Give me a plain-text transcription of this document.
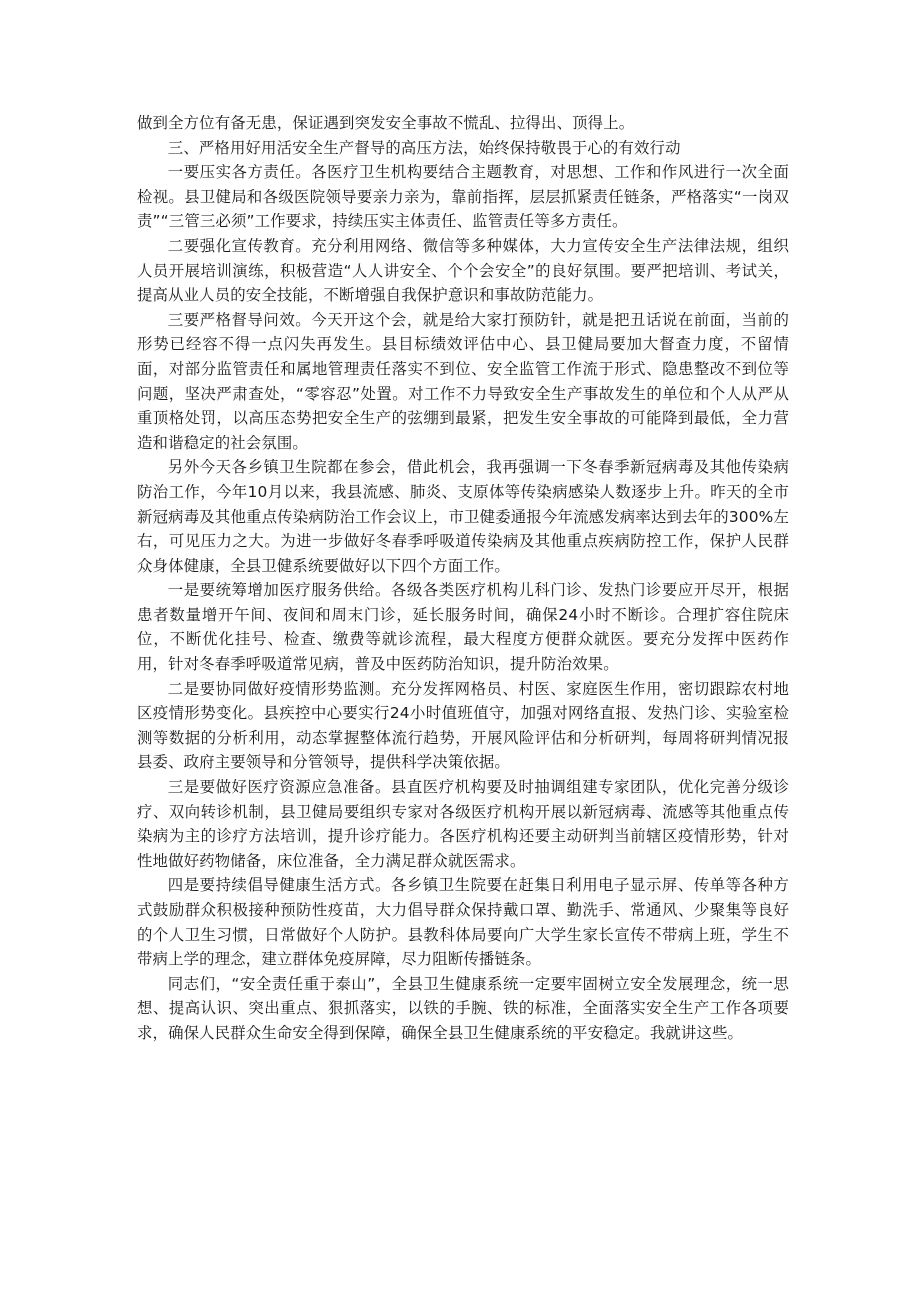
做到全方位有备无患，保证遇到突发安全事故不慌乱、拉得出、顶得上。

三、严格用好用活安全生产督导的高压方法，始终保持敬畏于心的有效行动

一要压实各方责任。各医疗卫生机构要结合主题教育，对思想、工作和作风进行一次全面检视。县卫健局和各级医院领导要亲力亲为，靠前指挥，层层抓紧责任链条，严格落实“一岗双责”“三管三必须”工作要求，持续压实主体责任、监管责任等多方责任。

二要强化宣传教育。充分利用网络、微信等多种媒体，大力宣传安全生产法律法规，组织人员开展培训演练，积极营造“人人讲安全、个个会安全”的良好氛围。要严把培训、考试关，提高从业人员的安全技能，不断增强自我保护意识和事故防范能力。

三要严格督导问效。今天开这个会，就是给大家打预防针，就是把丑话说在前面，当前的形势已经容不得一点闪失再发生。县目标绩效评估中心、县卫健局要加大督查力度，不留情面，对部分监管责任和属地管理责任落实不到位、安全监管工作流于形式、隐患整改不到位等问题，坚决严肃查处，“零容忍”处置。对工作不力导致安全生产事故发生的单位和个人从严从重顶格处罚，以高压态势把安全生产的弦绷到最紧，把发生安全事故的可能降到最低，全力营造和谐稳定的社会氛围。

另外今天各乡镇卫生院都在参会，借此机会，我再强调一下冬春季新冠病毒及其他传染病防治工作，今年10月以来，我县流感、肺炎、支原体等传染病感染人数逐步上升。昨天的全市新冠病毒及其他重点传染病防治工作会议上，市卫健委通报今年流感发病率达到去年的300%左右，可见压力之大。为进一步做好冬春季呼吸道传染病及其他重点疾病防控工作，保护人民群众身体健康，全县卫健系统要做好以下四个方面工作。

一是要统筹增加医疗服务供给。各级各类医疗机构儿科门诊、发热门诊要应开尽开，根据患者数量增开午间、夜间和周末门诊，延长服务时间，确保24小时不断诊。合理扩容住院床位，不断优化挂号、检查、缴费等就诊流程，最大程度方便群众就医。要充分发挥中医药作用，针对冬春季呼吸道常见病，普及中医药防治知识，提升防治效果。

二是要协同做好疫情形势监测。充分发挥网格员、村医、家庭医生作用，密切跟踪农村地区疫情形势变化。县疾控中心要实行24小时值班值守，加强对网络直报、发热门诊、实验室检测等数据的分析利用，动态掌握整体流行趋势，开展风险评估和分析研判，每周将研判情况报县委、政府主要领导和分管领导，提供科学决策依据。

三是要做好医疗资源应急准备。县直医疗机构要及时抽调组建专家团队，优化完善分级诊疗、双向转诊机制，县卫健局要组织专家对各级医疗机构开展以新冠病毒、流感等其他重点传染病为主的诊疗方法培训，提升诊疗能力。各医疗机构还要主动研判当前辖区疫情形势，针对性地做好药物储备，床位准备，全力满足群众就医需求。

四是要持续倡导健康生活方式。各乡镇卫生院要在赶集日利用电子显示屏、传单等各种方式鼓励群众积极接种预防性疫苗，大力倡导群众保持戴口罩、勤洗手、常通风、少聚集等良好的个人卫生习惯，日常做好个人防护。县教科体局要向广大学生家长宣传不带病上班，学生不带病上学的理念，建立群体免疫屏障，尽力阻断传播链条。

同志们，“安全责任重于泰山”，全县卫生健康系统一定要牢固树立安全发展理念，统一思想、提高认识、突出重点、狠抓落实，以铁的手腕、铁的标准，全面落实安全生产工作各项要求，确保人民群众生命安全得到保障，确保全县卫生健康系统的平安稳定。我就讲这些。
